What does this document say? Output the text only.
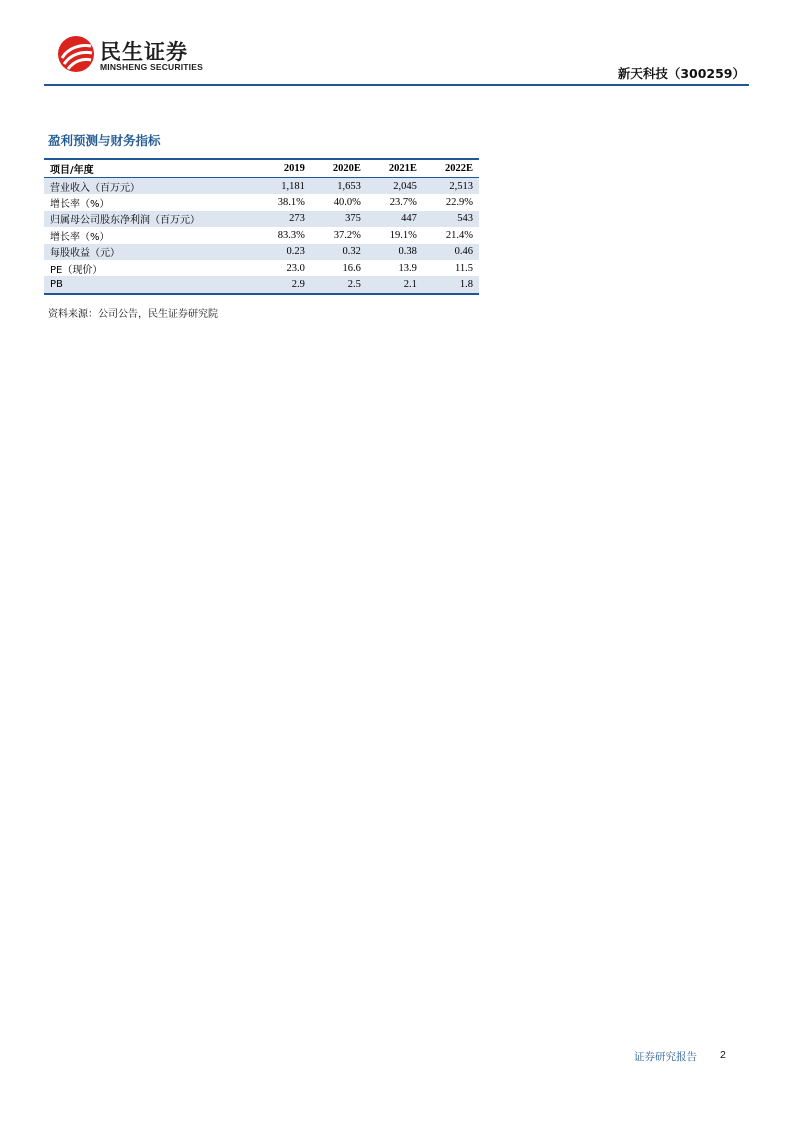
民生证券
MINSHENG SECURITIES	新天科技（300259）
盈利预测与财务指标
项目/年度	2019	2020E	2021E	2022E
营业收入（百万元）	1,181	1,653	2,045	2,513
增长率（%）	38.1%	40.0%	23.7%	22.9%
归属母公司股东净利润（百万元）	273	375	447	543
增长率（%）	83.3%	37.2%	19.1%	21.4%
每股收益（元）	0.23	0.32	0.38	0.46
PE（现价）	23.0	16.6	13.9	11.5
PB	2.9	2.5	2.1	1.8
资料来源：公司公告，民生证券研究院
证券研究报告 2
